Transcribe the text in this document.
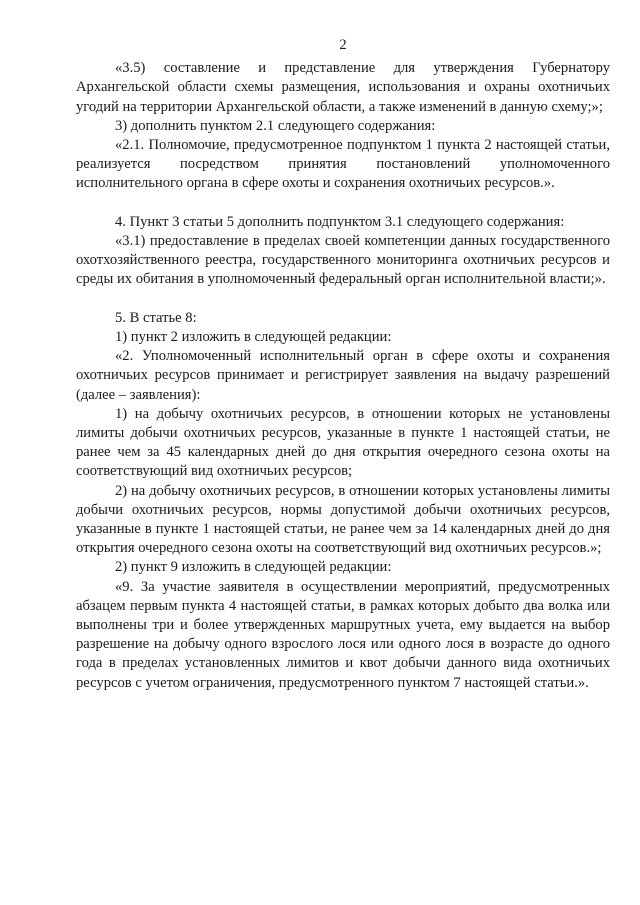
2

«3.5) составление и представление для утверждения Губернатору Архангельской области схемы размещения, использования и охраны охотничьих угодий на территории Архангельской области, а также изменений в данную схему;»;

3) дополнить пунктом 2.1 следующего содержания:

«2.1. Полномочие, предусмотренное подпунктом 1 пункта 2 настоящей статьи, реализуется посредством принятия постановлений уполномоченного исполнительного органа в сфере охоты и сохранения охотничьих ресурсов.».

4. Пункт 3 статьи 5 дополнить подпунктом 3.1 следующего содержания:

«3.1) предоставление в пределах своей компетенции данных государственного охотхозяйственного реестра, государственного мониторинга охотничьих ресурсов и среды их обитания в уполномоченный федеральный орган исполнительной власти;».

5. В статье 8:

1) пункт 2 изложить в следующей редакции:

«2. Уполномоченный исполнительный орган в сфере охоты и сохранения охотничьих ресурсов принимает и регистрирует заявления на выдачу разрешений (далее – заявления):

1) на добычу охотничьих ресурсов, в отношении которых не установлены лимиты добычи охотничьих ресурсов, указанные в пункте 1 настоящей статьи, не ранее чем за 45 календарных дней до дня открытия очередного сезона охоты на соответствующий вид охотничьих ресурсов;

2) на добычу охотничьих ресурсов, в отношении которых установлены лимиты добычи охотничьих ресурсов, нормы допустимой добычи охотничьих ресурсов, указанные в пункте 1 настоящей статьи, не ранее чем за 14 календарных дней до дня открытия очередного сезона охоты на соответствующий вид охотничьих ресурсов.»;

2) пункт 9 изложить в следующей редакции:

«9. За участие заявителя в осуществлении мероприятий, предусмотренных абзацем первым пункта 4 настоящей статьи, в рамках которых добыто два волка или выполнены три и более утвержденных маршрутных учета, ему выдается на выбор разрешение на добычу одного взрослого лося или одного лося в возрасте до одного года в пределах установленных лимитов и квот добычи данного вида охотничьих ресурсов с учетом ограничения, предусмотренного пунктом 7 настоящей статьи.».
